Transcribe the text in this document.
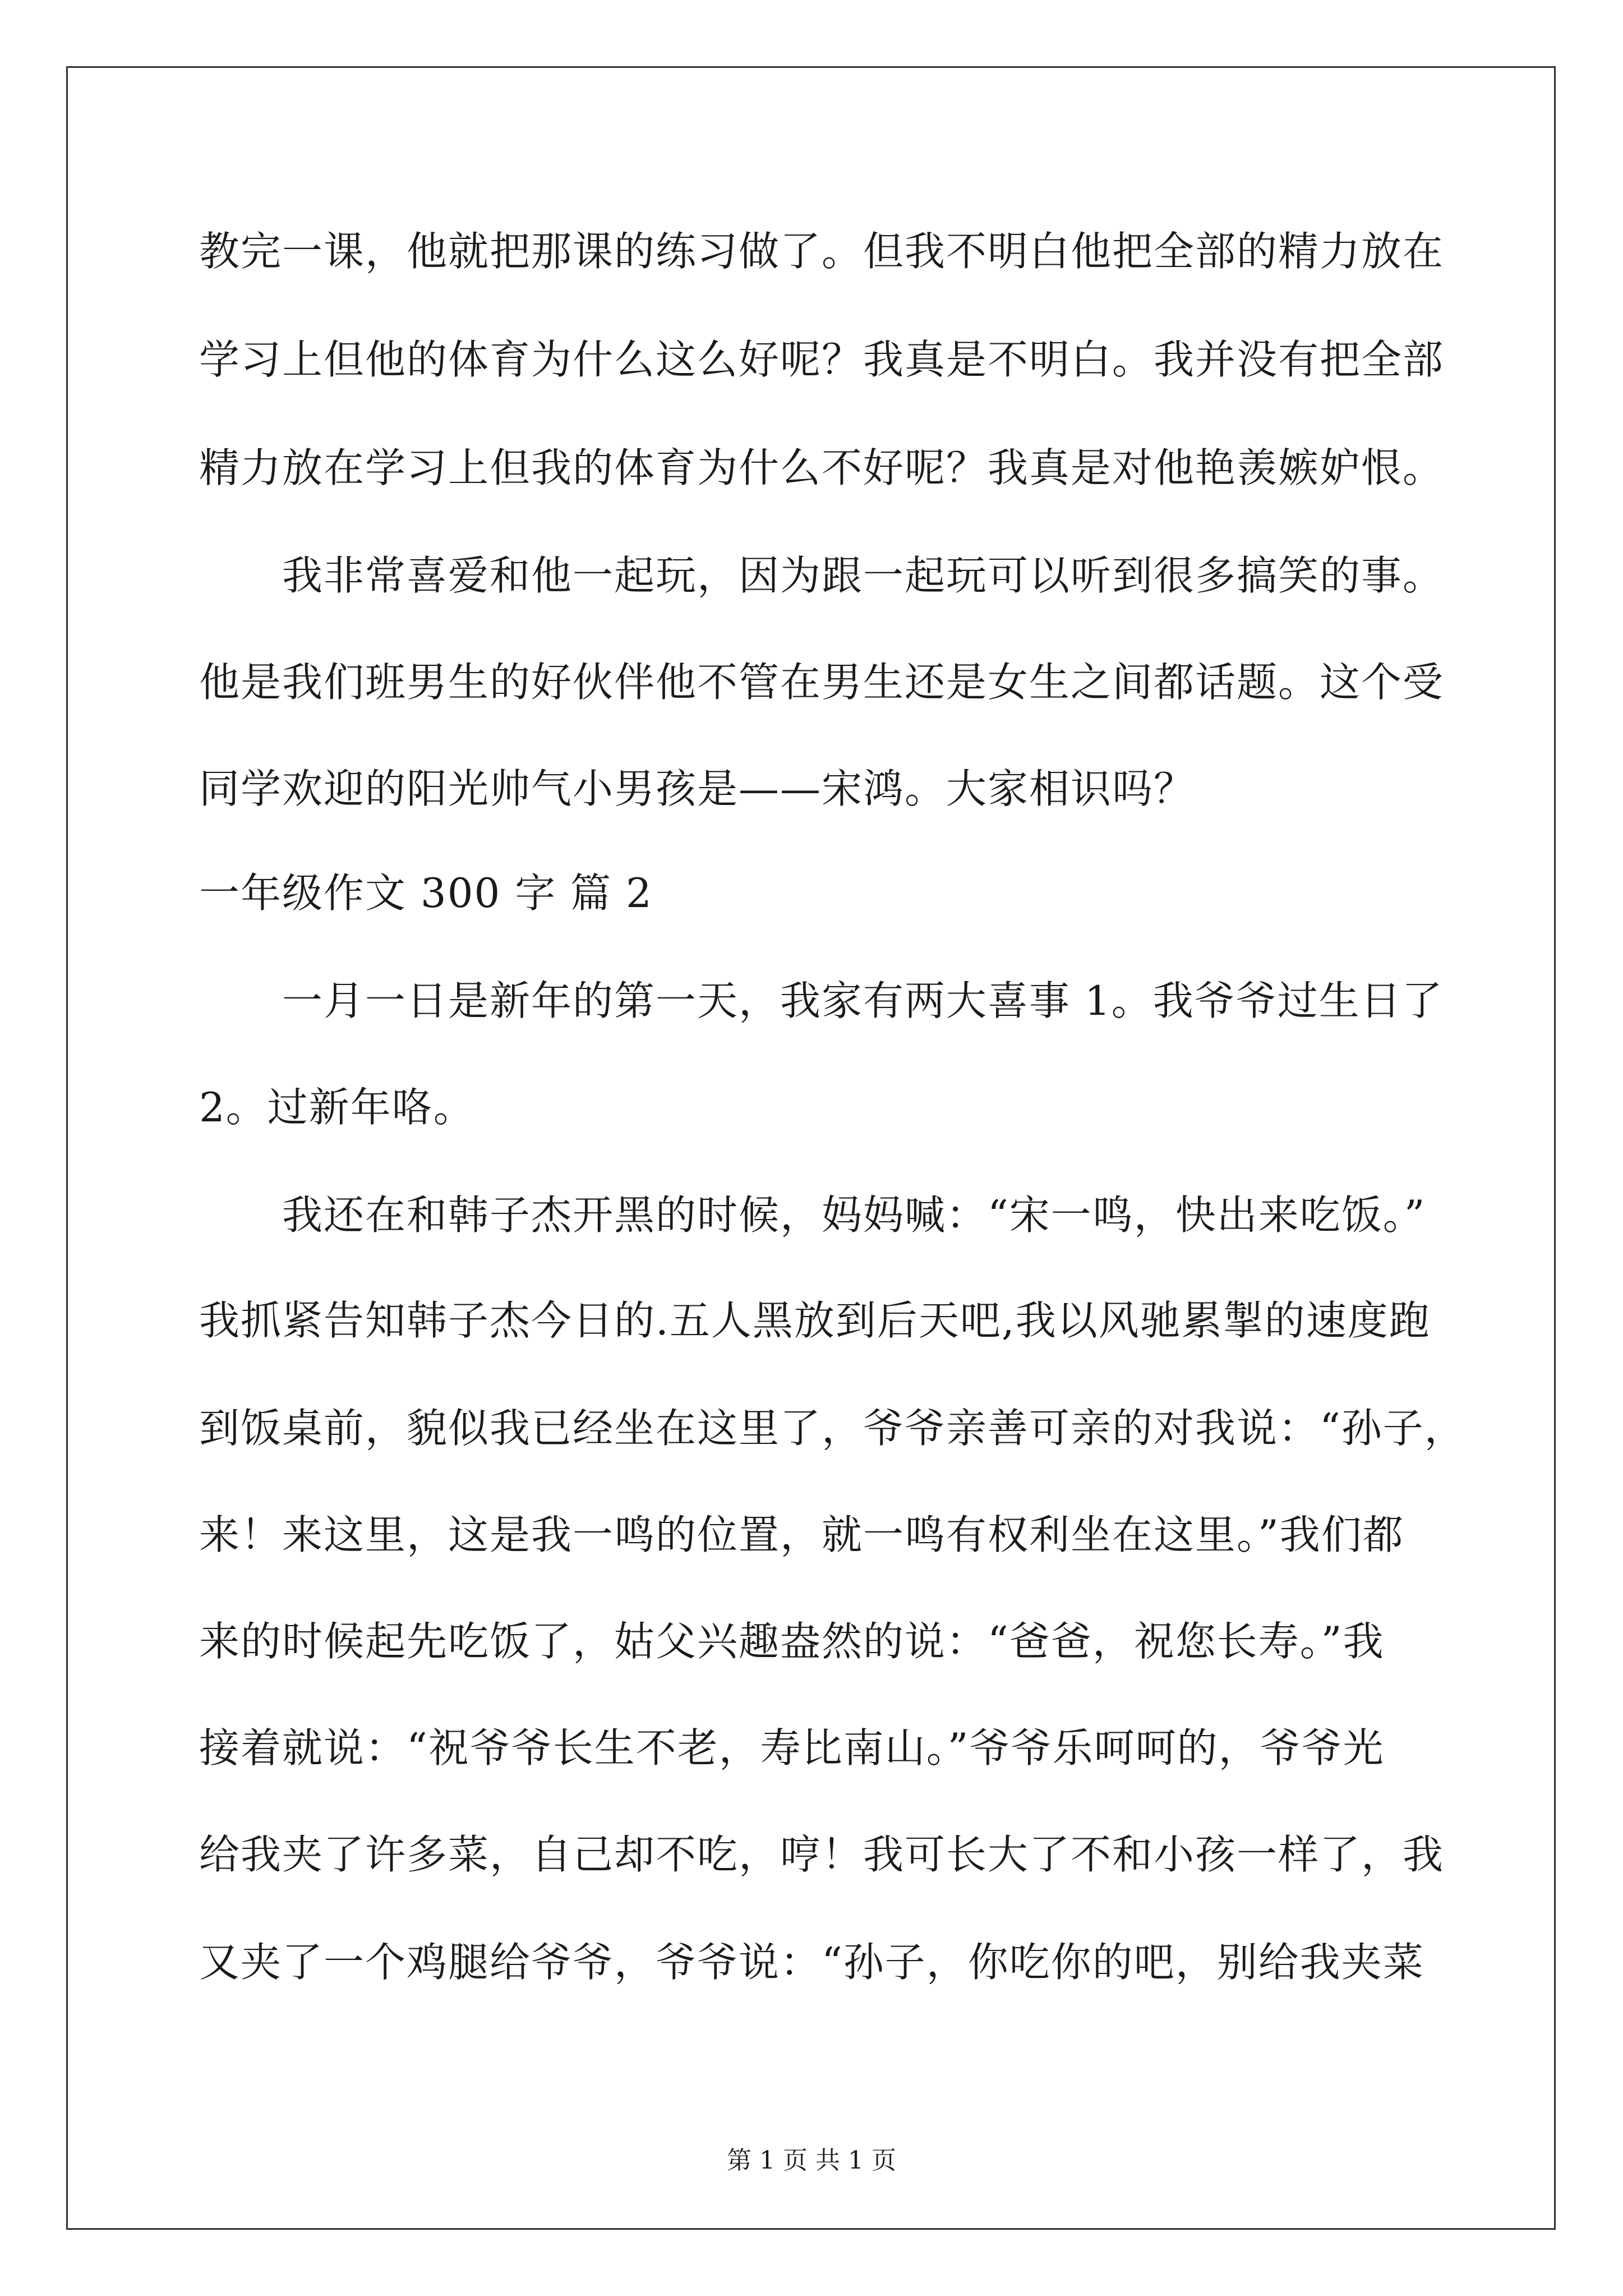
教完一课，他就把那课的练习做了。但我不明白他把全部的精力放在
学习上但他的体育为什么这么好呢？我真是不明白。我并没有把全部
精力放在学习上但我的体育为什么不好呢？我真是对他艳羡嫉妒恨。
　　我非常喜爱和他一起玩，因为跟一起玩可以听到很多搞笑的事。
他是我们班男生的好伙伴他不管在男生还是女生之间都话题。这个受
同学欢迎的阳光帅气小男孩是——宋鸿。大家相识吗？
一年级作文 300 字 篇 2
　　一月一日是新年的第一天，我家有两大喜事 1。我爷爷过生日了
2。过新年咯。
　　我还在和韩子杰开黑的时候，妈妈喊：“宋一鸣，快出来吃饭。”
我抓紧告知韩子杰今日的.五人黑放到后天吧,我以风驰累掣的速度跑
到饭桌前，貌似我已经坐在这里了，爷爷亲善可亲的对我说：“孙子，
来！来这里，这是我一鸣的位置，就一鸣有权利坐在这里。”我们都
来的时候起先吃饭了，姑父兴趣盎然的说：“爸爸，祝您长寿。”我
接着就说：“祝爷爷长生不老，寿比南山。”爷爷乐呵呵的，爷爷光
给我夹了许多菜，自己却不吃，哼！我可长大了不和小孩一样了，我
又夹了一个鸡腿给爷爷，爷爷说：“孙子，你吃你的吧，别给我夹菜
第 1 页 共 1 页
